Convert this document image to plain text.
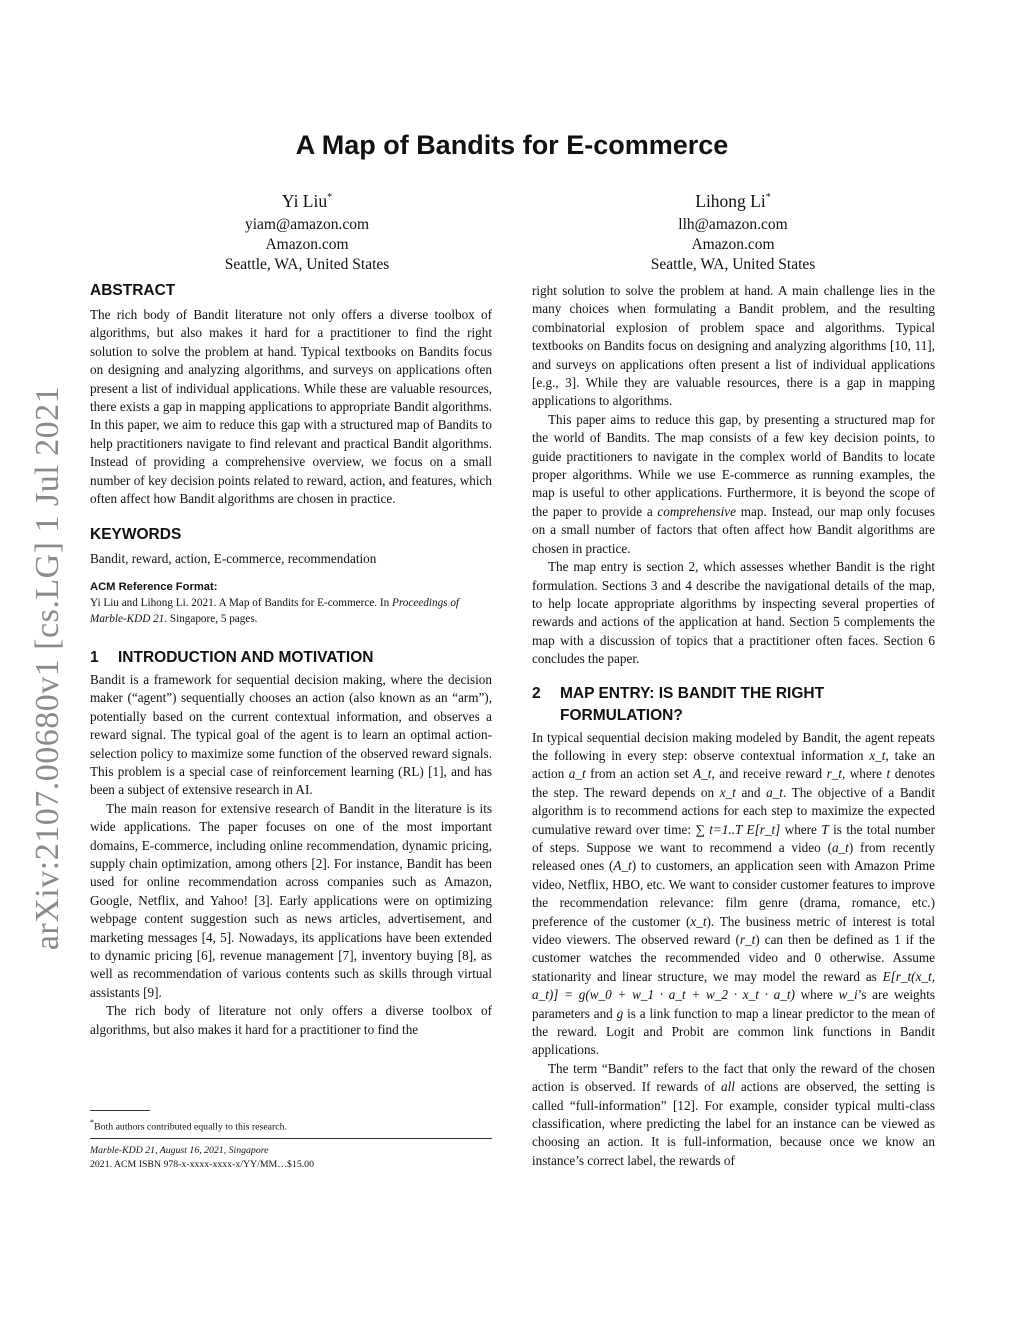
arXiv:2107.00680v1 [cs.LG] 1 Jul 2021
A Map of Bandits for E-commerce
Yi Liu*
yiam@amazon.com
Amazon.com
Seattle, WA, United States
Lihong Li*
llh@amazon.com
Amazon.com
Seattle, WA, United States
ABSTRACT

The rich body of Bandit literature not only offers a diverse toolbox of algorithms, but also makes it hard for a practitioner to find the right solution to solve the problem at hand. Typical textbooks on Bandits focus on designing and analyzing algorithms, and surveys on applications often present a list of individual applications. While these are valuable resources, there exists a gap in mapping applications to appropriate Bandit algorithms. In this paper, we aim to reduce this gap with a structured map of Bandits to help practitioners navigate to find relevant and practical Bandit algorithms. Instead of providing a comprehensive overview, we focus on a small number of key decision points related to reward, action, and features, which often affect how Bandit algorithms are chosen in practice.

KEYWORDS

Bandit, reward, action, E-commerce, recommendation

ACM Reference Format:
Yi Liu and Lihong Li. 2021. A Map of Bandits for E-commerce. In Proceedings of Marble-KDD 21. Singapore, 5 pages.
1 INTRODUCTION AND MOTIVATION

Bandit is a framework for sequential decision making, where the decision maker (“agent”) sequentially chooses an action (also known as an “arm”), potentially based on the current contextual information, and observes a reward signal. The typical goal of the agent is to learn an optimal action-selection policy to maximize some function of the observed reward signals. This problem is a special case of reinforcement learning (RL) [1], and has been a subject of extensive research in AI.

The main reason for extensive research of Bandit in the literature is its wide applications. The paper focuses on one of the most important domains, E-commerce, including online recommendation, dynamic pricing, supply chain optimization, among others [2]. For instance, Bandit has been used for online recommendation across companies such as Amazon, Google, Netflix, and Yahoo! [3]. Early applications were on optimizing webpage content suggestion such as news articles, advertisement, and marketing messages [4, 5]. Nowadays, its applications have been extended to dynamic pricing [6], revenue management [7], inventory buying [8], as well as recommendation of various contents such as skills through virtual assistants [9].

The rich body of literature not only offers a diverse toolbox of algorithms, but also makes it hard for a practitioner to find the

*Both authors contributed equally to this research.
Marble-KDD 21, August 16, 2021, Singapore
2021. ACM ISBN 978-x-xxxx-xxxx-x/YY/MM…$15.00

right solution to solve the problem at hand. A main challenge lies in the many choices when formulating a Bandit problem, and the resulting combinatorial explosion of problem space and algorithms. Typical textbooks on Bandits focus on designing and analyzing algorithms [10, 11], and surveys on applications often present a list of individual applications [e.g., 3]. While they are valuable resources, there is a gap in mapping applications to algorithms.

This paper aims to reduce this gap, by presenting a structured map for the world of Bandits. The map consists of a few key decision points, to guide practitioners to navigate in the complex world of Bandits to locate proper algorithms. While we use E-commerce as running examples, the map is useful to other applications. Furthermore, it is beyond the scope of the paper to provide a comprehensive map. Instead, our map only focuses on a small number of factors that often affect how Bandit algorithms are chosen in practice.

The map entry is section 2, which assesses whether Bandit is the right formulation. Sections 3 and 4 describe the navigational details of the map, to help locate appropriate algorithms by inspecting several properties of rewards and actions of the application at hand. Section 5 complements the map with a discussion of topics that a practitioner often faces. Section 6 concludes the paper.

2 MAP ENTRY: IS BANDIT THE RIGHT FORMULATION?

In typical sequential decision making modeled by Bandit, the agent repeats the following in every step: observe contextual information x_t, take an action a_t from an action set A_t, and receive reward r_t, where t denotes the step. The reward depends on x_t and a_t. The objective of a Bandit algorithm is to recommend actions for each step to maximize the expected cumulative reward over time: ∑ t=1..T E[r_t] where T is the total number of steps. Suppose we want to recommend a video (a_t) from recently released ones (A_t) to customers, an application seen with Amazon Prime video, Netflix, HBO, etc. We want to consider customer features to improve the recommendation relevance: film genre (drama, romance, etc.) preference of the customer (x_t). The business metric of interest is total video viewers. The observed reward (r_t) can then be defined as 1 if the customer watches the recommended video and 0 otherwise. Assume stationarity and linear structure, we may model the reward as E[r_t(x_t, a_t)] = g(w_0 + w_1 · a_t + w_2 · x_t · a_t) where w_i’s are weights parameters and g is a link function to map a linear predictor to the mean of the reward. Logit and Probit are common link functions in Bandit applications.

The term “Bandit” refers to the fact that only the reward of the chosen action is observed. If rewards of all actions are observed, the setting is called “full-information” [12]. For example, consider typical multi-class classification, where predicting the label for an instance can be viewed as choosing an action. It is full-information, because once we know an instance’s correct label, the rewards of
